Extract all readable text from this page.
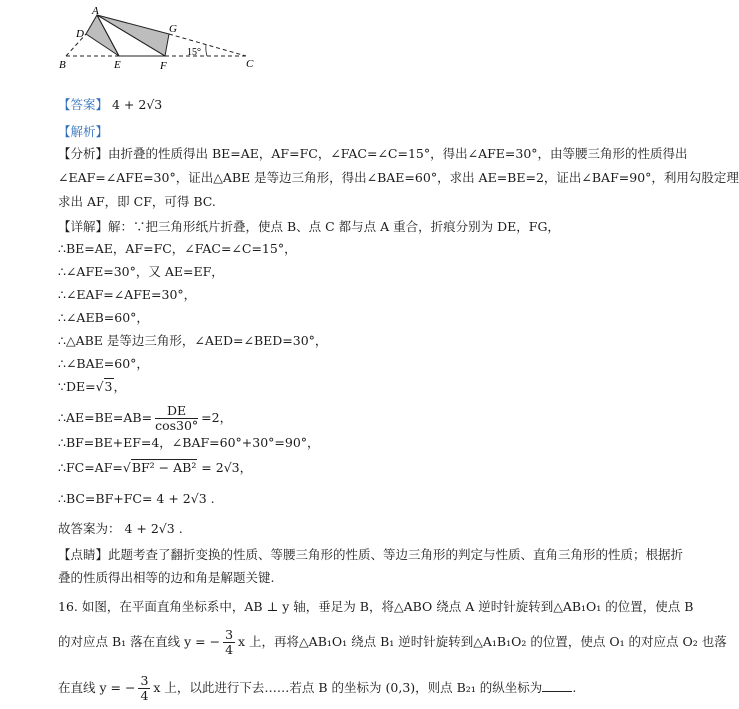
A
D
B	E	F
G
C
15°
【答案】 4 + 2√3
【解析】
【分析】由折叠的性质得出 BE=AE，AF=FC，∠FAC=∠C=15°，得出∠AFE=30°，由等腰三角形的性质得出
∠EAF=∠AFE=30°，证出△ABE 是等边三角形，得出∠BAE=60°，求出 AE=BE=2，证出∠BAF=90°，利用勾股定理
求出 AF，即 CF，可得 BC.
【详解】解：∵把三角形纸片折叠，使点 B、点 C 都与点 A 重合，折痕分别为 DE，FG，
∴BE=AE，AF=FC，∠FAC=∠C=15°，
∴∠AFE=30°，又 AE=EF，
∴∠EAF=∠AFE=30°，
∴∠AEB=60°，
∴△ABE 是等边三角形，∠AED=∠BED=30°，
∴∠BAE=60°，
∵DE=√3，
∴AE=BE=AB= $\frac{DE}{\cos 30^\circ} =2$，
∴BF=BE+EF=4，∠BAF=60°+30°=90°，
∴FC=AF=√BF² − AB² = 2√3，
∴BC=BF+FC= 4 + 2√3 .
故答案为： 4 + 2√3 .
【点睛】此题考查了翻折变换的性质、等腰三角形的性质、等边三角形的判定与性质、直角三角形的性质；根据折
叠的性质得出相等的边和角是解题关键.
16. 如图，在平面直角坐标系中，AB ⊥ y 轴，垂足为 B，将△ABO 绕点 A 逆时针旋转到△AB₁O₁ 的位置，使点 B
的对应点 B₁ 落在直线 y = − $\frac{3}{4}$ x 上，再将△AB₁O₁ 绕点 B₁ 逆时针旋转到△A₁B₁O₂ 的位置，使点 O₁ 的对应点 O₂ 也落
在直线 y = − $\frac{3}{4}$ x 上，以此进行下去……若点 B 的坐标为 (0,3)，则点 B₂₁ 的纵坐标为 .
